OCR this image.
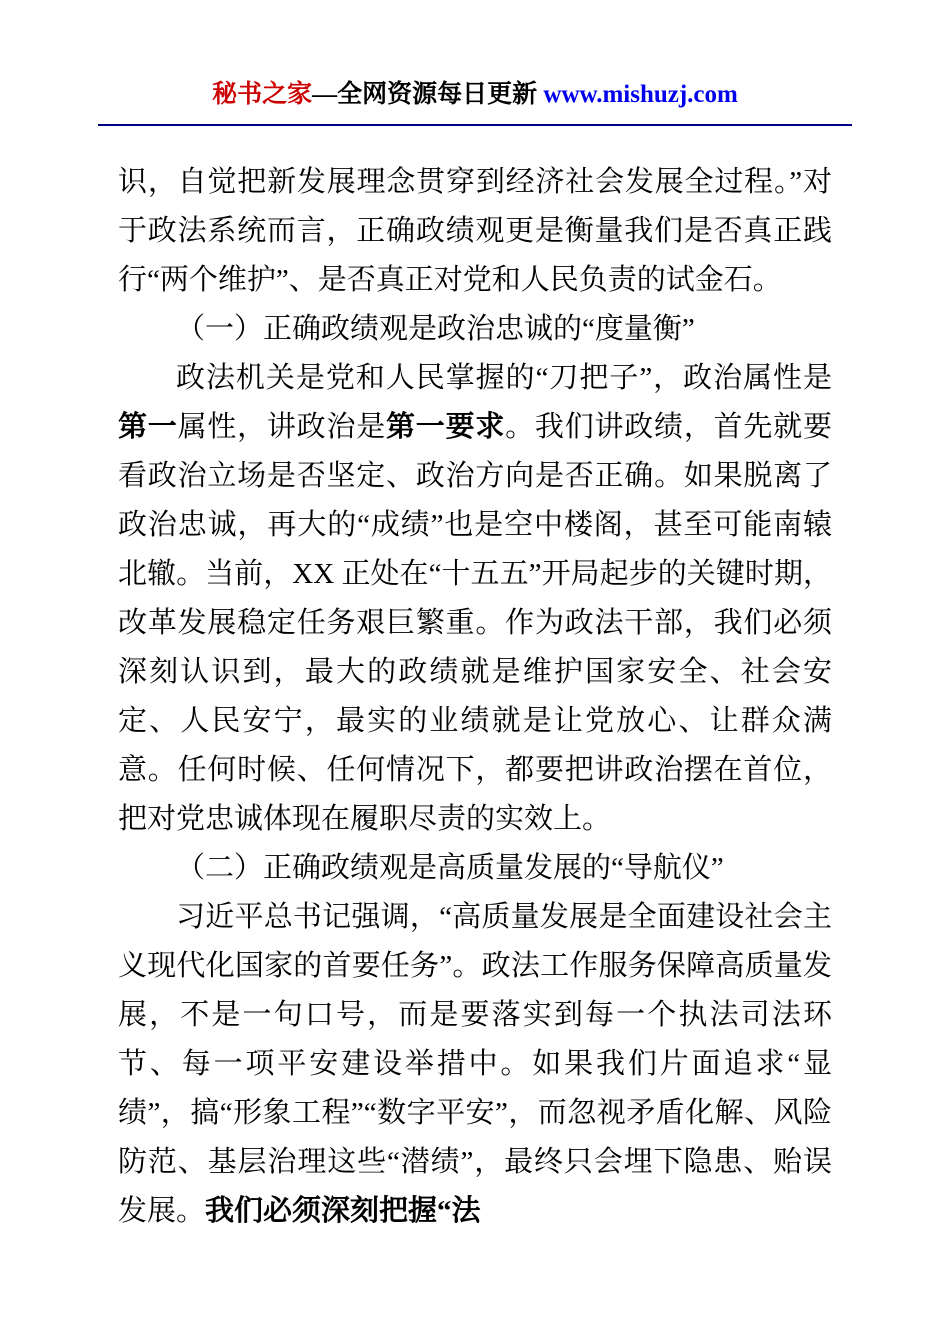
秘书之家—全网资源每日更新 www.mishuzj.com

识，自觉把新发展理念贯穿到经济社会发展全过程。”对于政法系统而言，正确政绩观更是衡量我们是否真正践行“两个维护”、是否真正对党和人民负责的试金石。

（一）正确政绩观是政治忠诚的“度量衡”

政法机关是党和人民掌握的“刀把子”，政治属性是第一属性，讲政治是第一要求。我们讲政绩，首先就要看政治立场是否坚定、政治方向是否正确。如果脱离了政治忠诚，再大的“成绩”也是空中楼阁，甚至可能南辕北辙。当前，XX 正处在“十五五”开局起步的关键时期，改革发展稳定任务艰巨繁重。作为政法干部，我们必须深刻认识到，最大的政绩就是维护国家安全、社会安定、人民安宁，最实的业绩就是让党放心、让群众满意。任何时候、任何情况下，都要把讲政治摆在首位，把对党忠诚体现在履职尽责的实效上。

（二）正确政绩观是高质量发展的“导航仪”

习近平总书记强调，“高质量发展是全面建设社会主义现代化国家的首要任务”。政法工作服务保障高质量发展，不是一句口号，而是要落实到每一个执法司法环节、每一项平安建设举措中。如果我们片面追求“显绩”，搞“形象工程”“数字平安”，而忽视矛盾化解、风险防范、基层治理这些“潜绩”，最终只会埋下隐患、贻误发展。我们必须深刻把握“法
